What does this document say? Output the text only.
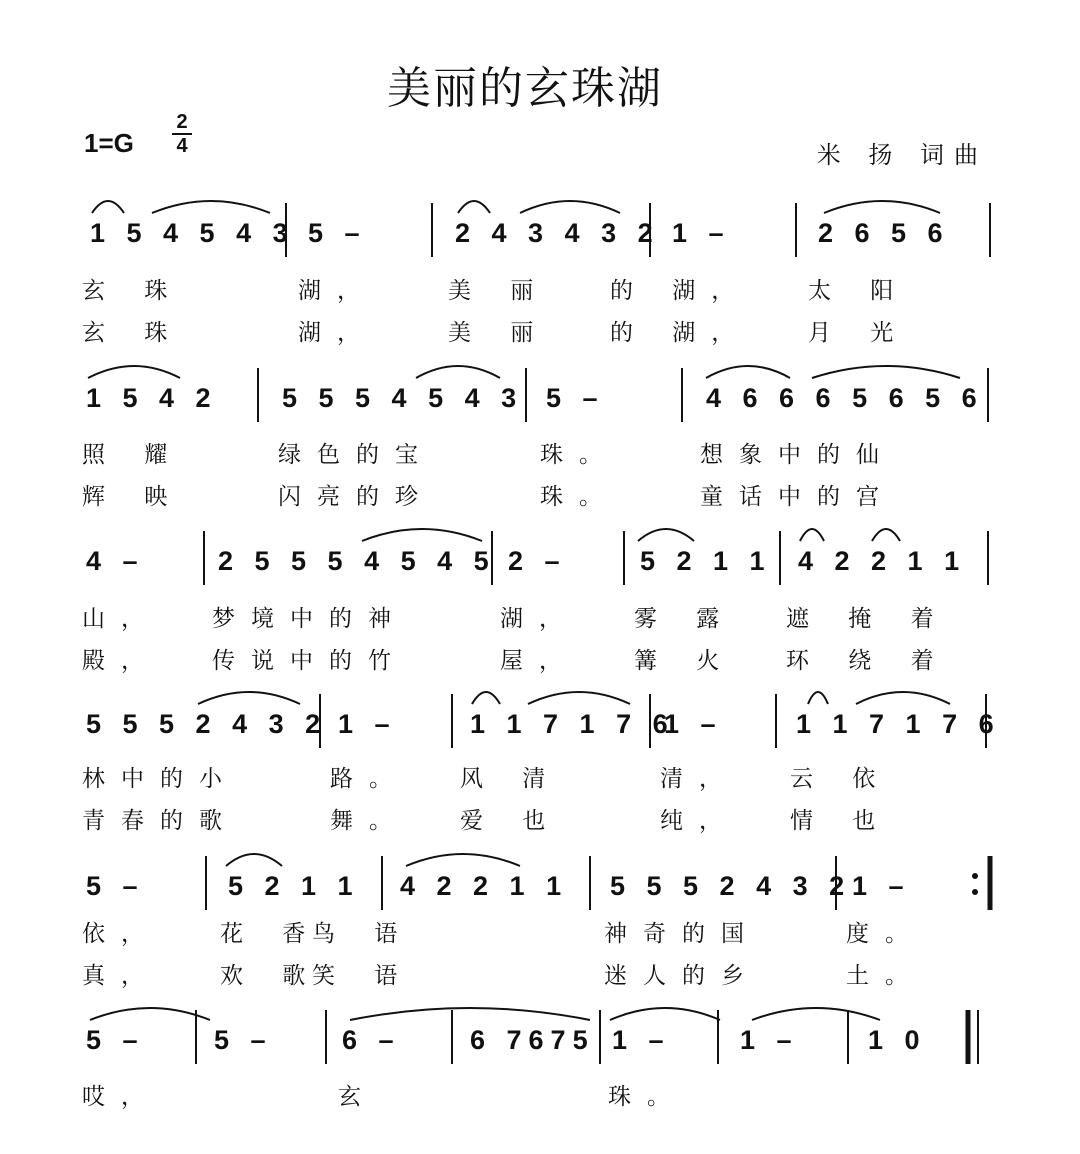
美丽的玄珠湖
1=G
2
4	米 扬 词曲
1 5 4 5 4 3 5 –	2 4 3 4 3 2 1 –	2 6 5 6
玄 珠	湖，	美 丽	的 湖，	太 阳
玄 珠	湖，	美 丽	的 湖，	月 光
1 5 4 2 5 5 5 4 5 4 3 5 –	4 6 6 6 5 6 5 6
照 耀	绿色的宝	珠。	想象中的仙
辉 映	闪亮的珍	珠。	童话中的宫
4 –	2 5 5 5 4 5 4 5 2 –	5 2 1 1 4 2 2 1 1
山， 梦境中的神	湖， 雾 露 遮 掩 着
殿， 传说中的竹	屋， 篝 火 环 绕 着
5 5 5 2 4 3 2 1 –	1 1 7 1 7 6
1 –	1 1 7 1 7 6
林中的小	路。 风 清	清， 云 依
青春的歌	舞。 爱 也	纯， 情 也
5 –	5 2 1 1 4 2 2 1 1 5 5 5 2 4 3 2 1 –
依，	花 香
鸟 语	神奇的国	度。
真，	欢 歌
笑 语	迷人的乡	土。
5 –	5 –	6 –	6 7675 1 –	1 –	1 0
哎，	玄	珠。
